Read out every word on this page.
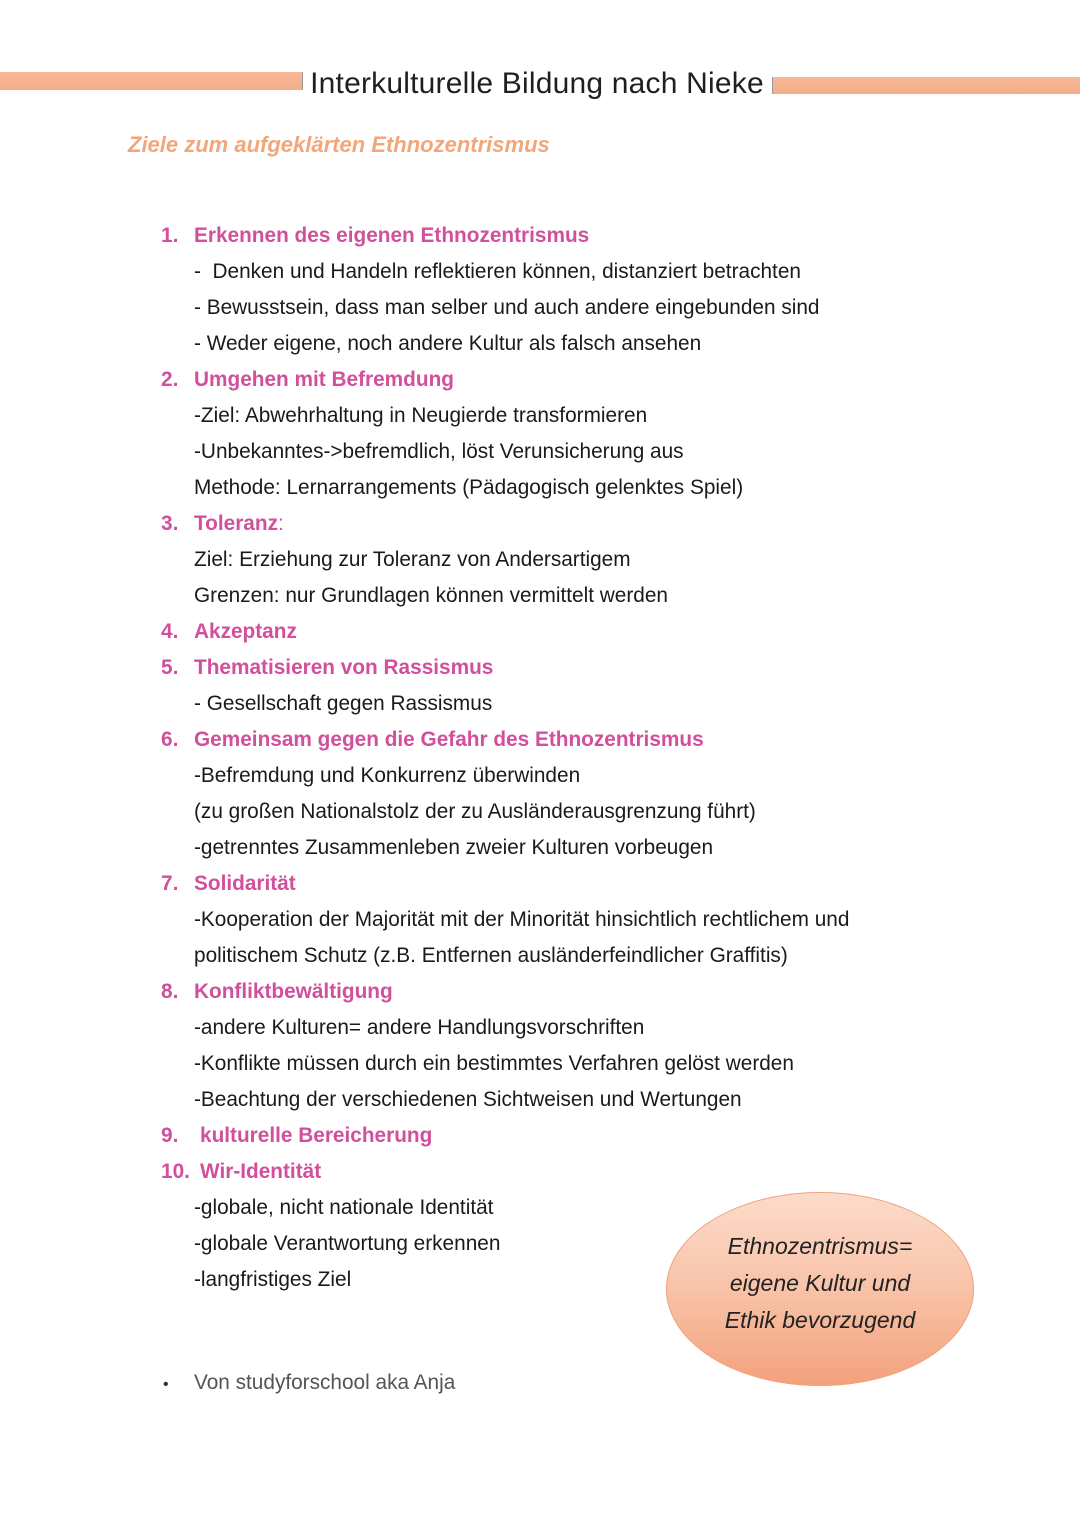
Interkulturelle Bildung nach Nieke
Ziele zum aufgeklärten Ethnozentrismus
1. Erkennen des eigenen Ethnozentrismus
-  Denken und Handeln reflektieren können, distanziert betrachten
- Bewusstsein, dass man selber und auch andere eingebunden sind
- Weder eigene, noch andere Kultur als falsch ansehen
2. Umgehen mit Befremdung
-Ziel: Abwehrhaltung in Neugierde transformieren
-Unbekanntes->befremdlich, löst Verunsicherung aus
Methode: Lernarrangements (Pädagogisch gelenktes Spiel)
3. Toleranz:
Ziel: Erziehung zur Toleranz von Andersartigem
Grenzen: nur Grundlagen können vermittelt werden
4. Akzeptanz
5. Thematisieren von Rassismus
- Gesellschaft gegen Rassismus
6. Gemeinsam gegen die Gefahr des Ethnozentrismus
-Befremdung und Konkurrenz überwinden
(zu großen Nationalstolz der zu Ausländerausgrenzung führt)
-getrenntes Zusammenleben zweier Kulturen vorbeugen
7. Solidarität
-Kooperation der Majorität mit der Minorität hinsichtlich rechtlichem und
politischem Schutz (z.B. Entfernen ausländerfeindlicher Graffitis)
8. Konfliktbewältigung
-andere Kulturen= andere Handlungsvorschriften
-Konflikte müssen durch ein bestimmtes Verfahren gelöst werden
-Beachtung der verschiedenen Sichtweisen und Wertungen
9. kulturelle Bereicherung
10. Wir-Identität
-globale, nicht nationale Identität
-globale Verantwortung erkennen
-langfristiges Ziel
Ethnozentrismus=
eigene Kultur und
Ethik bevorzugend
• Von studyforschool aka Anja
